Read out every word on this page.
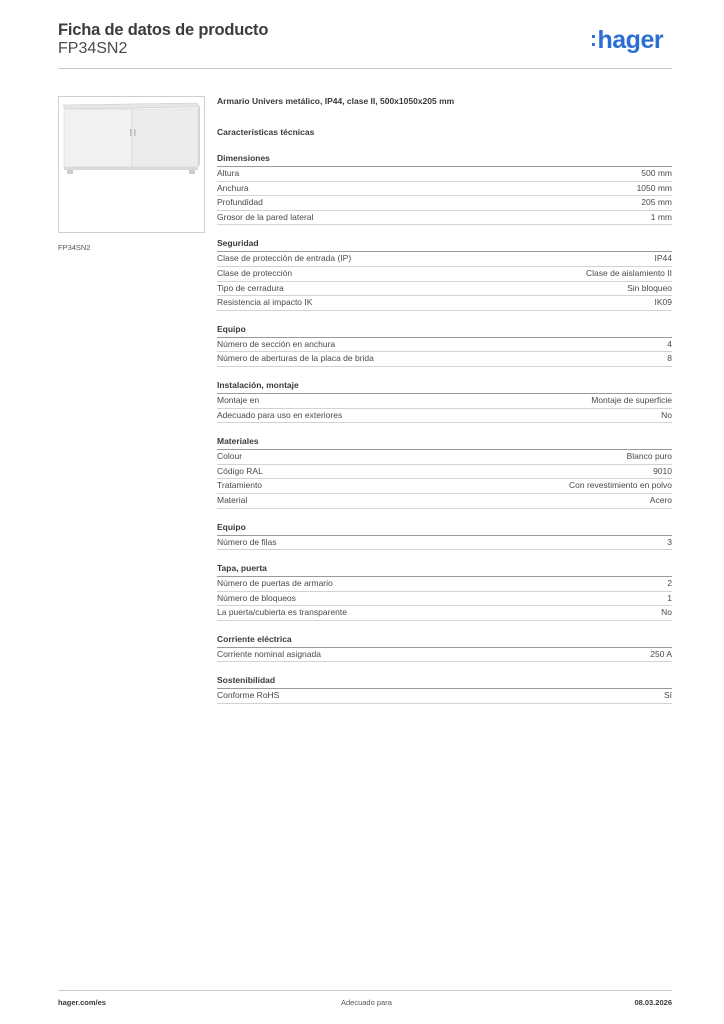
Ficha de datos de producto
FP34SN2	:hager
FP34SN2
Armario Univers metálico, IP44, clase II, 500x1050x205 mm
Características técnicas
Dimensiones
Altura	500 mm
Anchura	1050 mm
Profundidad	205 mm
Grosor de la pared lateral	1 mm
Seguridad
Clase de protección de entrada (IP)	IP44
Clase de protección	Clase de aislamiento II
Tipo de cerradura	Sin bloqueo
Resistencia al impacto IK	IK09
Equipo
Número de sección en anchura	4
Número de aberturas de la placa de brida	8
Instalación, montaje
Montaje en	Montaje de superficie
Adecuado para uso en exteriores	No
Materiales
Colour	Blanco puro
Código RAL	9010
Tratamiento	Con revestimiento en polvo
Material	Acero
Equipo
Número de filas	3
Tapa, puerta
Número de puertas de armario	2
Número de bloqueos	1
La puerta/cubierta es transparente	No
Corriente eléctrica
Corriente nominal asignada	250 A
Sostenibilidad
Conforme RoHS	Sí
hager.com/es	Adecuado para	08.03.2026
